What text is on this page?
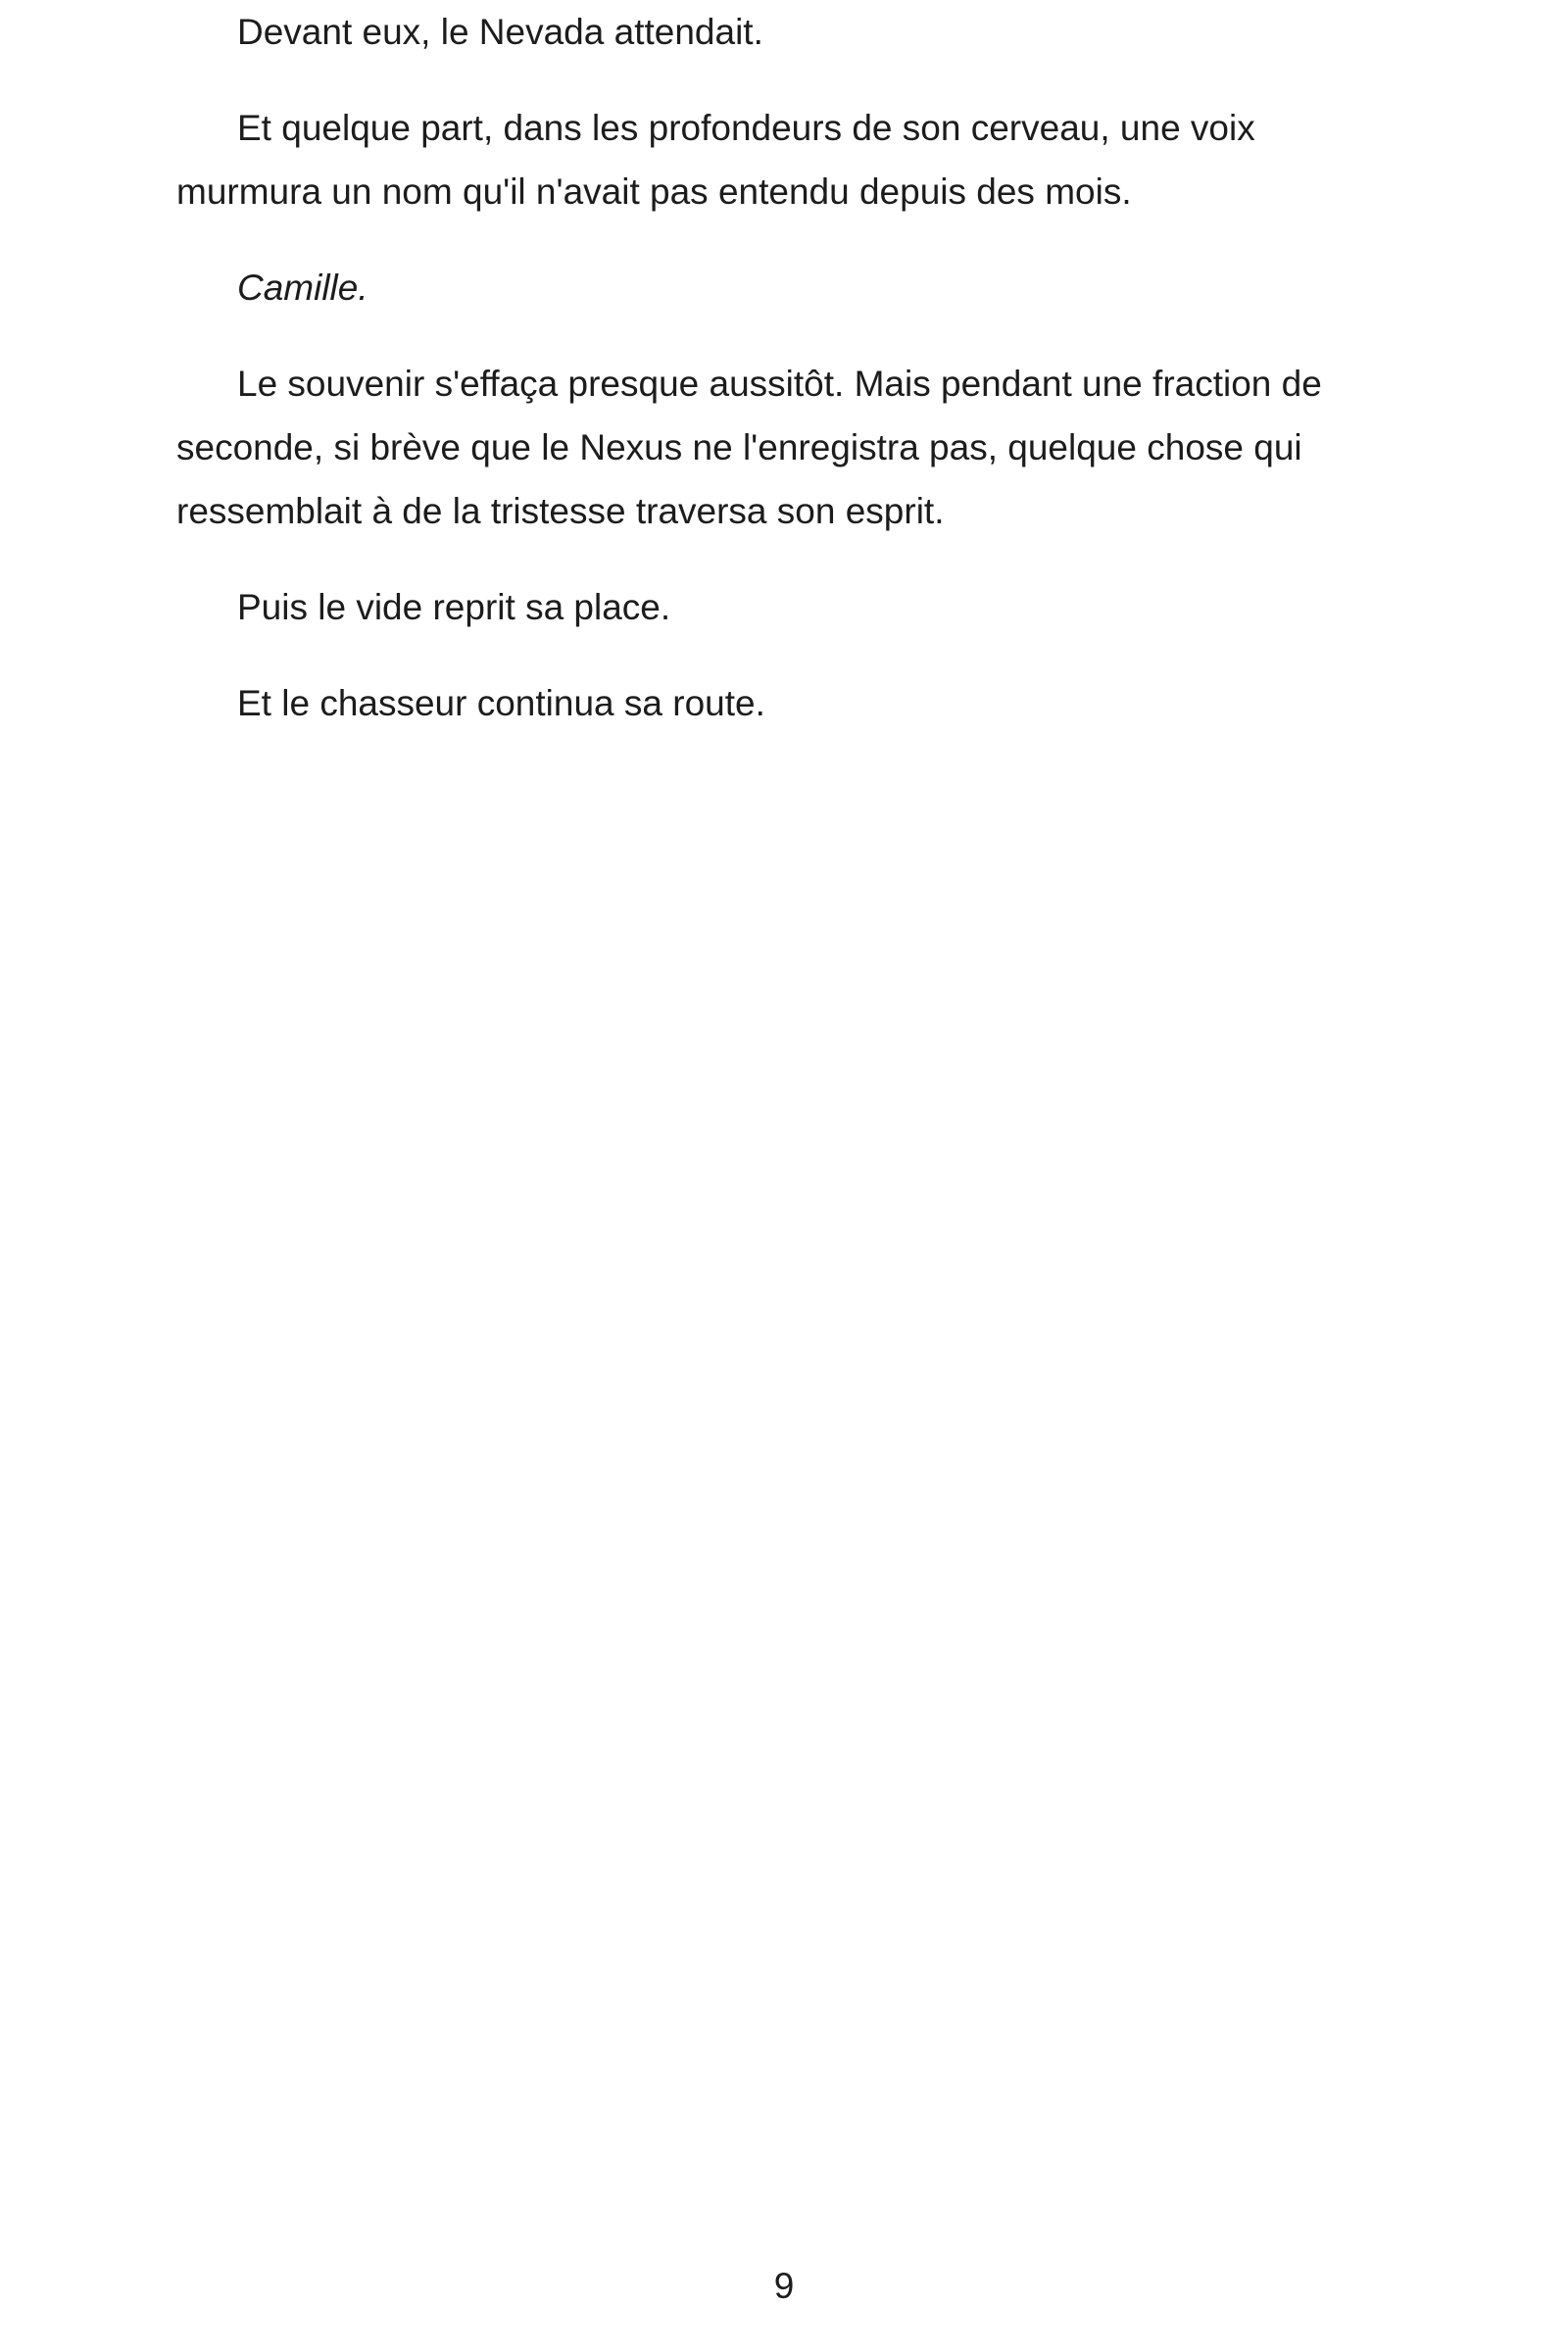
Devant eux, le Nevada attendait.

Et quelque part, dans les profondeurs de son cerveau, une voix murmura un nom qu'il n'avait pas entendu depuis des mois.

Camille.

Le souvenir s'effaça presque aussitôt. Mais pendant une fraction de seconde, si brève que le Nexus ne l'enregistra pas, quelque chose qui ressemblait à de la tristesse traversa son esprit.

Puis le vide reprit sa place.

Et le chasseur continua sa route.

9
